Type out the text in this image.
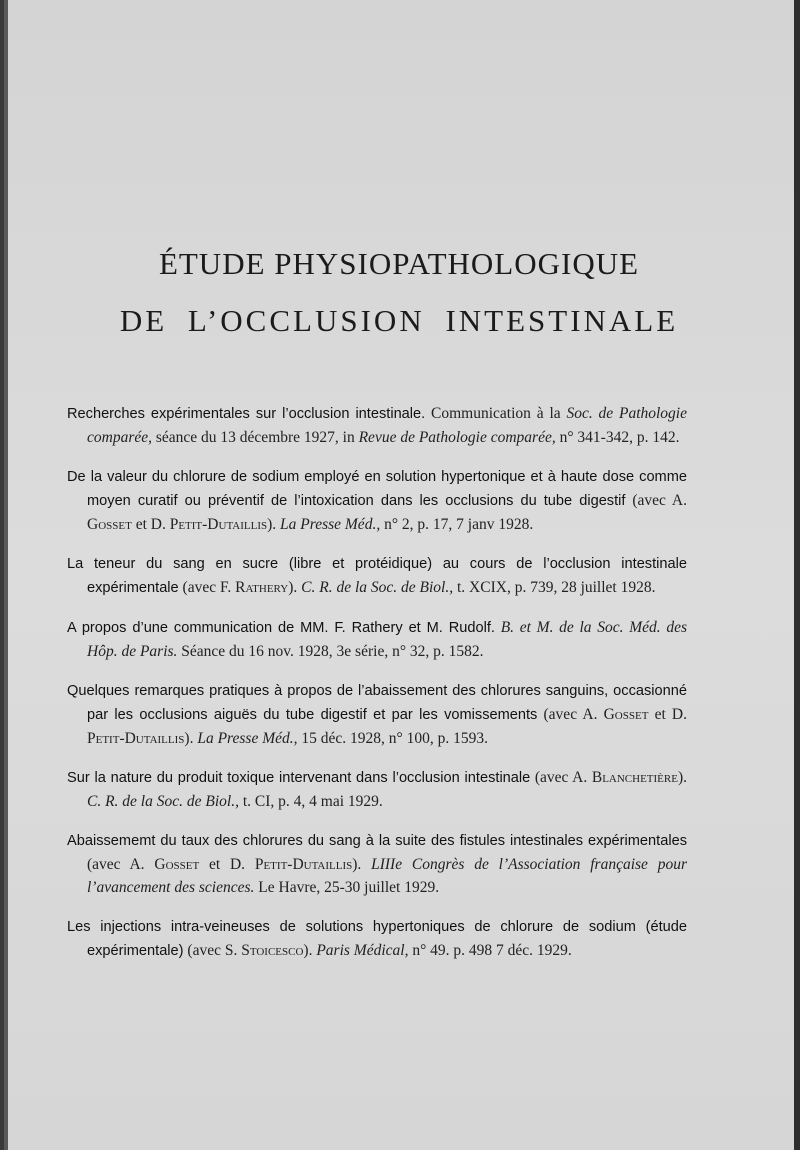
ÉTUDE PHYSIOPATHOLOGIQUE
DE L’OCCLUSION INTESTINALE
Recherches expérimentales sur l’occlusion intestinale. Communication à la Soc. de Pathologie comparée, séance du 13 décembre 1927, in Revue de Pathologie comparée, n° 341-342, p. 142.
De la valeur du chlorure de sodium employé en solution hypertonique et à haute dose comme moyen curatif ou préventif de l’intoxication dans les occlusions du tube digestif (avec A. Gosset et D. Petit-Dutaillis). La Presse Méd., n° 2, p. 17, 7 janv 1928.
La teneur du sang en sucre (libre et protéidique) au cours de l’occlusion intestinale expérimentale (avec F. Rathery). C. R. de la Soc. de Biol., t. XCIX, p. 739, 28 juillet 1928.
A propos d’une communication de MM. F. Rathery et M. Rudolf. B. et M. de la Soc. Méd. des Hôp. de Paris. Séance du 16 nov. 1928, 3e série, n° 32, p. 1582.
Quelques remarques pratiques à propos de l’abaissement des chlorures sanguins, occasionné par les occlusions aiguës du tube digestif et par les vomissements (avec A. Gosset et D. Petit-Dutaillis). La Presse Méd., 15 déc. 1928, n° 100, p. 1593.
Sur la nature du produit toxique intervenant dans l’occlusion intestinale (avec A. Blanchetière). C. R. de la Soc. de Biol., t. CI, p. 4, 4 mai 1929.
Abaissememt du taux des chlorures du sang à la suite des fistules intestinales expérimentales (avec A. Gosset et D. Petit-Dutaillis). LIIIe Congrès de l’Association française pour l’avancement des sciences. Le Havre, 25-30 juillet 1929.
Les injections intra-veineuses de solutions hypertoniques de chlorure de sodium (étude expérimentale) (avec S. Stoicesco). Paris Médical, n° 49. p. 498 7 déc. 1929.
